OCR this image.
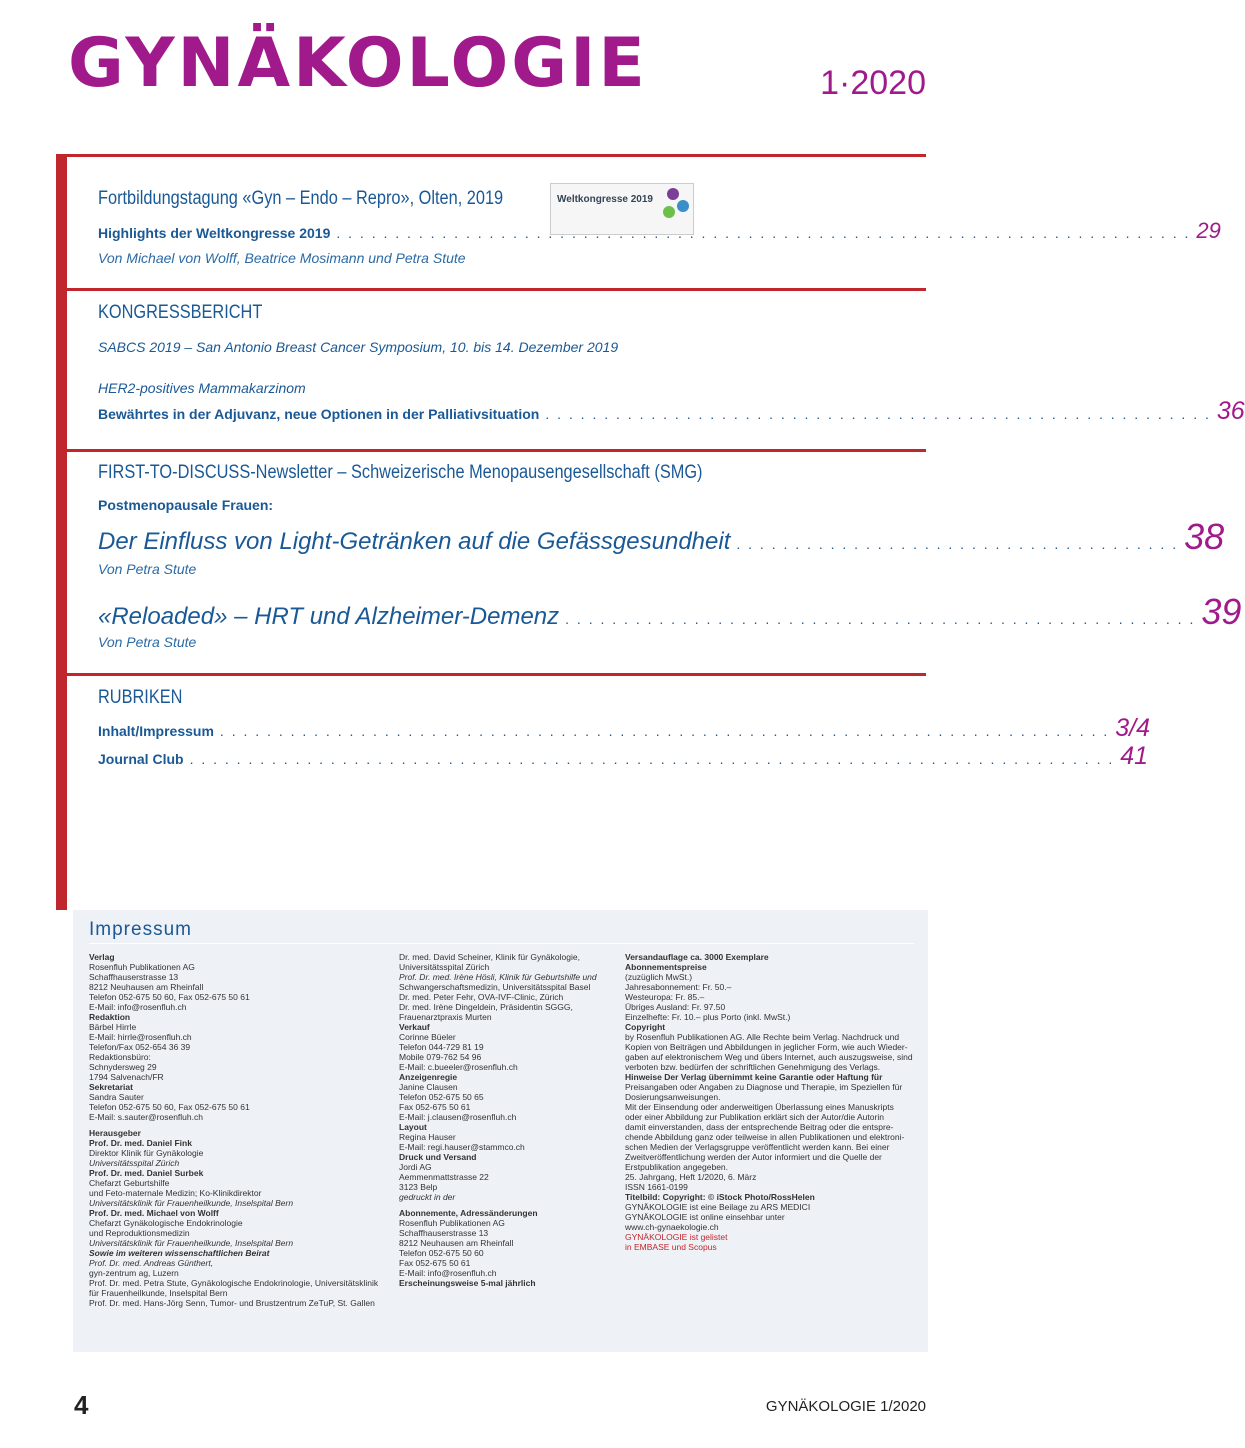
GYNÄKOLOGIE	1·2020
Fortbildungstagung «Gyn – Endo – Repro», Olten, 2019	Weltkongresse 2019
Highlights der Weltkongresse 2019 . . . . . . . . . . . . . . . . . . . . . . . . . . . . . . . . . . . . . . . . . . . . . . . . . . . . . . . . . . . . . . . . . . . . . . . . . 29
Von Michael von Wolff, Beatrice Mosimann und Petra Stute
KONGRESSBERICHT
SABCS 2019 – San Antonio Breast Cancer Symposium, 10. bis 14. Dezember 2019
HER2-positives Mammakarzinom
Bewährtes in der Adjuvanz, neue Optionen in der Palliativsituation . . . . . . . . . . . . . . . . . . . . . . . . . . . . . . . . . . . . . . . . . . . . . . . . . . . . . . . . . 36
FIRST-TO-DISCUSS-Newsletter – Schweizerische Menopausengesellschaft (SMG)
Postmenopausale Frauen:
Der Einfluss von Light-Getränken auf die Gefässgesundheit . . . . . . . . . . . . . . . . . . . . . . . . . . . . . . . . . . . . . . 38
Von Petra Stute
«Reloaded» – HRT und Alzheimer-Demenz . . . . . . . . . . . . . . . . . . . . . . . . . . . . . . . . . . . . . . . . . . . . . . . . . . . . . . 39
Von Petra Stute
RUBRIKEN
Inhalt/Impressum . . . . . . . . . . . . . . . . . . . . . . . . . . . . . . . . . . . . . . . . . . . . . . . . . . . . . . . . . . . . . . . . . . . . . . . . . . . . 3/4
Journal Club . . . . . . . . . . . . . . . . . . . . . . . . . . . . . . . . . . . . . . . . . . . . . . . . . . . . . . . . . . . . . . . . . . . . . . . . . . . . . . . 41
Impressum
Verlag
Rosenfluh Publikationen AG
Schaffhauserstrasse 13
8212 Neuhausen am Rheinfall
Telefon 052-675 50 60, Fax 052-675 50 61
E-Mail: info@rosenfluh.ch
Redaktion
Bärbel Hirrle
E-Mail: hirrle@rosenfluh.ch
Telefon/Fax 052-654 36 39
Redaktionsbüro:
Schnydersweg 29
1794 Salvenach/FR
Sekretariat
Sandra Sauter
Telefon 052-675 50 60, Fax 052-675 50 61
E-Mail: s.sauter@rosenfluh.ch
Herausgeber
Prof. Dr. med. Daniel Fink
Direktor Klinik für Gynäkologie
Universitätsspital Zürich
Prof. Dr. med. Daniel Surbek
Chefarzt Geburtshilfe
und Feto-maternale Medizin; Ko-Klinikdirektor
Universitätsklinik für Frauenheilkunde, Inselspital Bern
Prof. Dr. med. Michael von Wolff
Chefarzt Gynäkologische Endokrinologie
und Reproduktionsmedizin
Universitätsklinik für Frauenheilkunde, Inselspital Bern
Sowie im weiteren wissenschaftlichen Beirat
Prof. Dr. med. Andreas Günthert,
gyn-zentrum ag, Luzern
Prof. Dr. med. Petra Stute, Gynäkologische Endokrinologie, Universitätsklinik
für Frauenheilkunde, Inselspital Bern
Prof. Dr. med. Hans-Jörg Senn, Tumor- und Brustzentrum ZeTuP, St. Gallen
Dr. med. David Scheiner, Klinik für Gynäkologie,
Universitätsspital Zürich
Prof. Dr. med. Irène Hösli, Klinik für Geburtshilfe und
Schwangerschaftsmedizin, Universitätsspital Basel
Dr. med. Peter Fehr, OVA-IVF-Clinic, Zürich
Dr. med. Irène Dingeldein, Präsidentin SGGG,
Frauenarztpraxis Murten
Verkauf
Corinne Büeler
Telefon 044-729 81 19
Mobile 079-762 54 96
E-Mail: c.bueeler@rosenfluh.ch
Anzeigenregie
Janine Clausen
Telefon 052-675 50 65
Fax 052-675 50 61
E-Mail: j.clausen@rosenfluh.ch
Layout
Regina Hauser
E-Mail: regi.hauser@stammco.ch
Druck und Versand
Jordi AG
Aemmenmattstrasse 22
3123 Belp
gedruckt in der
Abonnemente, Adressänderungen
Rosenfluh Publikationen AG
Schaffhauserstrasse 13
8212 Neuhausen am Rheinfall
Telefon 052-675 50 60
Fax 052-675 50 61
E-Mail: info@rosenfluh.ch
Erscheinungsweise 5-mal jährlich
Versandauflage ca. 3000 Exemplare
Abonnementspreise
(zuzüglich MwSt.)
Jahresabonnement: Fr. 50.–
Westeuropa: Fr. 85.–
Übriges Ausland: Fr. 97.50
Einzelhefte: Fr. 10.– plus Porto (inkl. MwSt.)
Copyright
by Rosenfluh Publikationen AG. Alle Rechte beim Verlag. Nachdruck und
Kopien von Beiträgen und Abbildungen in jeglicher Form, wie auch Wieder-
gaben auf elektronischem Weg und übers Internet, auch auszugsweise, sind
verboten bzw. bedürfen der schriftlichen Genehmigung des Verlags.
Hinweise Der Verlag übernimmt keine Garantie oder Haftung für
Preisangaben oder Angaben zu Diagnose und Therapie, im Speziellen für
Dosierungsanweisungen.
Mit der Einsendung oder anderweitigen Überlassung eines Manuskripts
oder einer Abbildung zur Publikation erklärt sich der Autor/die Autorin
damit einverstanden, dass der entsprechende Beitrag oder die entspre-
chende Abbildung ganz oder teilweise in allen Publikationen und elektroni-
schen Medien der Verlagsgruppe veröffentlicht werden kann. Bei einer
Zweitveröffentlichung werden der Autor informiert und die Quelle der
Erstpublikation angegeben.
25. Jahrgang, Heft 1/2020, 6. März
ISSN 1661-0199
Titelbild: Copyright: © iStock Photo/RossHelen
GYNÄKOLOGIE ist eine Beilage zu ARS MEDICI
GYNÄKOLOGIE ist online einsehbar unter
www.ch-gynaekologie.ch
GYNÄKOLOGIE ist gelistet
in EMBASE und Scopus
4	GYNÄKOLOGIE 1/2020
